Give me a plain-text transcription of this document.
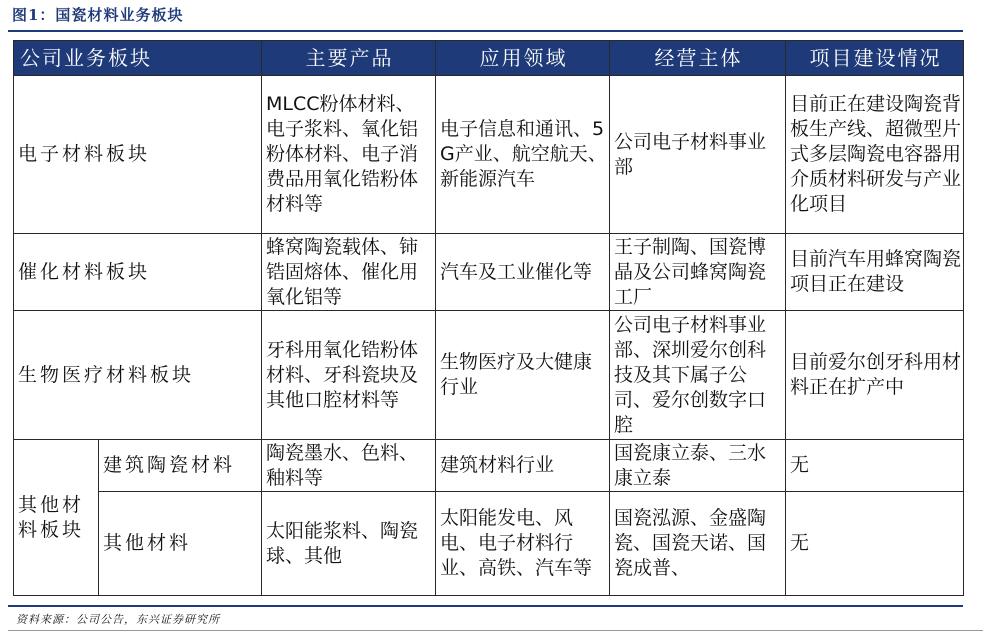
图1：国瓷材料业务板块
公司业务板块		主要产品	应用领域	经营主体	项目建设情况
电子材料板块		MLCC粉体材料、电子浆料、氧化铝粉体材料、电子消费品用氧化锆粉体材料等	电子信息和通讯、5G产业、航空航天、新能源汽车	公司电子材料事业部	目前正在建设陶瓷背板生产线、超微型片式多层陶瓷电容器用介质材料研发与产业化项目
催化材料板块		蜂窝陶瓷载体、铈锆固熔体、催化用氧化铝等	汽车及工业催化等	王子制陶、国瓷博晶及公司蜂窝陶瓷工厂	目前汽车用蜂窝陶瓷项目正在建设
生物医疗材料板块		牙科用氧化锆粉体材料、牙科瓷块及其他口腔材料等	生物医疗及大健康行业	公司电子材料事业部、深圳爱尔创科技及其下属子公司、爱尔创数字口腔	目前爱尔创牙科用材料正在扩产中
其他材料板块	建筑陶瓷材料	陶瓷墨水、色料、釉料等	建筑材料行业	国瓷康立泰、三水康立泰	无
	其他材料	太阳能浆料、陶瓷球、其他	太阳能发电、风电、电子材料行业、高铁、汽车等	国瓷泓源、金盛陶瓷、国瓷天诺、国瓷成普、	无
资料来源：公司公告，东兴证券研究所
